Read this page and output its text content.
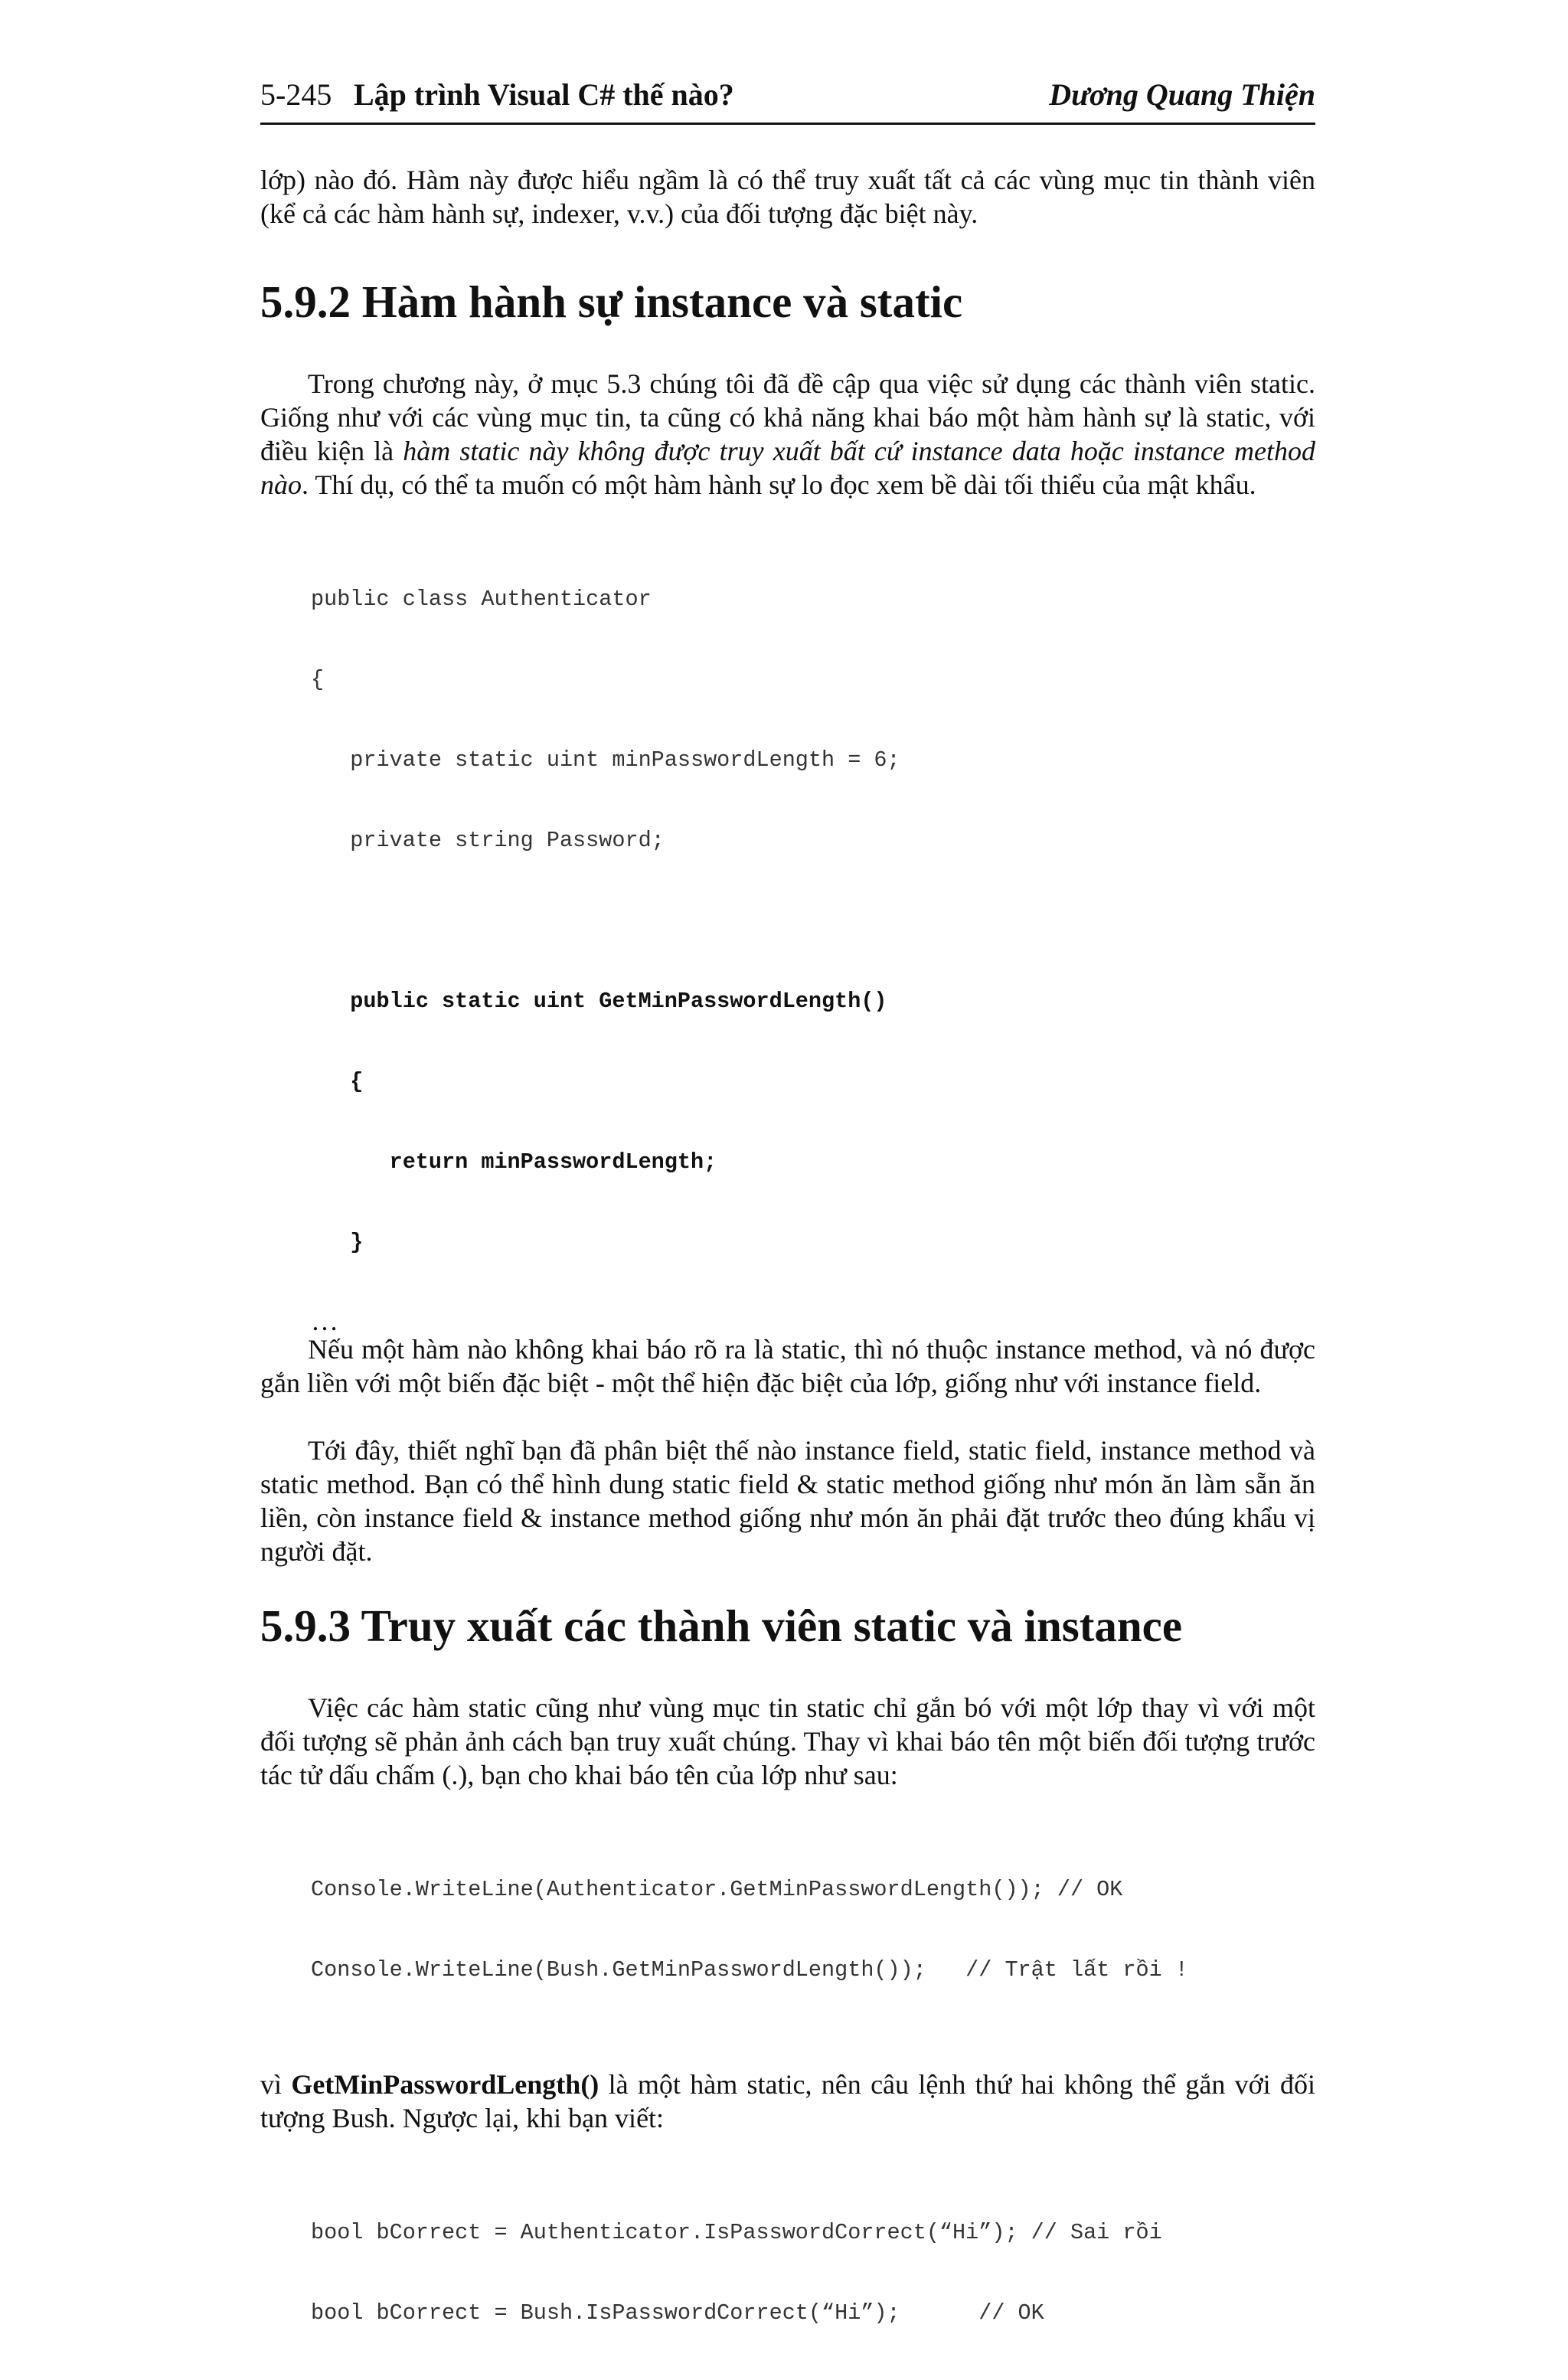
5-245 Lập trình Visual C# thế nào?	Dương Quang Thiện

lớp) nào đó. Hàm này được hiểu ngầm là có thể truy xuất tất cả các vùng mục tin thành viên (kể cả các hàm hành sự, indexer, v.v.) của đối tượng đặc biệt này.

5.9.2 Hàm hành sự instance và static

Trong chương này, ở mục 5.3 chúng tôi đã đề cập qua việc sử dụng các thành viên static. Giống như với các vùng mục tin, ta cũng có khả năng khai báo một hàm hành sự là static, với điều kiện là hàm static này không được truy xuất bất cứ instance data hoặc instance method nào. Thí dụ, có thể ta muốn có một hàm hành sự lo đọc xem bề dài tối thiểu của mật khẩu.

public class Authenticator

{

private static uint minPasswordLength = 6;

private string Password;

public static uint GetMinPasswordLength()

{

return minPasswordLength;

}

…

Nếu một hàm nào không khai báo rõ ra là static, thì nó thuộc instance method, và nó được gắn liền với một biến đặc biệt - một thể hiện đặc biệt của lớp, giống như với instance field.

Tới đây, thiết nghĩ bạn đã phân biệt thế nào instance field, static field, instance method và static method. Bạn có thể hình dung static field & static method giống như món ăn làm sẵn ăn liền, còn instance field & instance method giống như món ăn phải đặt trước theo đúng khẩu vị người đặt.

5.9.3 Truy xuất các thành viên static và instance

Việc các hàm static cũng như vùng mục tin static chỉ gắn bó với một lớp thay vì với một đối tượng sẽ phản ảnh cách bạn truy xuất chúng. Thay vì khai báo tên một biến đối tượng trước tác tử dấu chấm (.), bạn cho khai báo tên của lớp như sau:

Console.WriteLine(Authenticator.GetMinPasswordLength()); // OK

Console.WriteLine(Bush.GetMinPasswordLength());   // Trật lất rồi !

vì GetMinPasswordLength() là một hàm static, nên câu lệnh thứ hai không thể gắn với đối tượng Bush. Ngược lại, khi bạn viết:

bool bCorrect = Authenticator.IsPasswordCorrect(“Hi”); // Sai rồi

bool bCorrect = Bush.IsPasswordCorrect(“Hi”);      // OK
